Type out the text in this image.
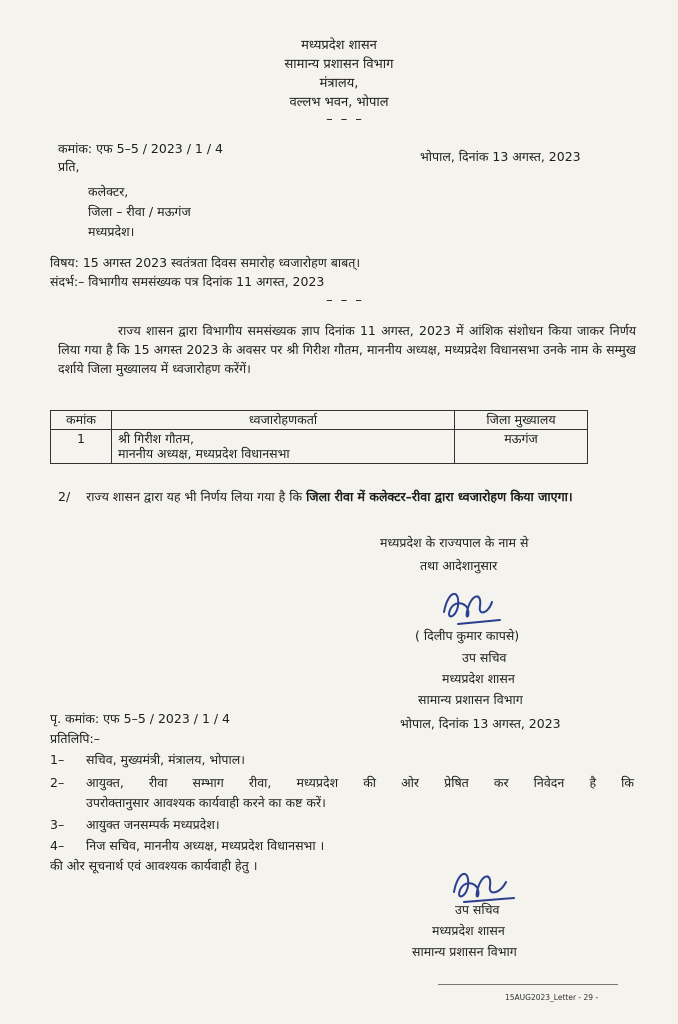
मध्यप्रदेश शासन
सामान्य प्रशासन विभाग
मंत्रालय,
वल्लभ भवन, भोपाल
– – –
कमांक: एफ 5–5 / 2023 / 1 / 4
भोपाल, दिनांक 13 अगस्त, 2023
प्रति,
कलेक्टर,
जिला – रीवा / मऊगंज
मध्यप्रदेश।
विषय: 15 अगस्त 2023 स्वतंत्रता दिवस समारोह ध्वजारोहण बाबत्।
संदर्भ:– विभागीय समसंख्यक पत्र दिनांक 11 अगस्त, 2023
– – –
राज्य शासन द्वारा विभागीय समसंख्यक ज्ञाप दिनांक 11 अगस्त, 2023 में आंशिक संशोधन किया जाकर निर्णय लिया गया है कि 15 अगस्त 2023 के अवसर पर श्री गिरीश गौतम, माननीय अध्यक्ष, मध्यप्रदेश विधानसभा उनके नाम के सम्मुख दर्शाये जिला मुख्यालय में ध्वजारोहण करेंगें।
कमांक	ध्वजारोहणकर्ता	जिला मुख्यालय
1	श्री गिरीश गौतम,
माननीय अध्यक्ष, मध्यप्रदेश विधानसभा	मऊगंज
2/ राज्य शासन द्वारा यह भी निर्णय लिया गया है कि जिला रीवा में कलेक्टर–रीवा द्वारा ध्वजारोहण किया जाएगा।
मध्यप्रदेश के राज्यपाल के नाम से
तथा आदेशानुसार
( दिलीप कुमार कापसे)
उप सचिव
मध्यप्रदेश शासन
सामान्य प्रशासन विभाग
पृ. कमांक: एफ 5–5 / 2023 / 1 / 4	भोपाल, दिनांक 13 अगस्त, 2023
प्रतिलिपि:–
1– सचिव, मुख्यमंत्री, मंत्रालय, भोपाल।
2– आयुक्त, रीवा सम्भाग रीवा, मध्यप्रदेश की ओर प्रेषित कर निवेदन है कि
उपरोक्तानुसार आवश्यक कार्यवाही करने का कष्ट करें।
3– आयुक्त जनसम्पर्क मध्यप्रदेश।
4– निज सचिव, माननीय अध्यक्ष, मध्यप्रदेश विधानसभा ।
की ओर सूचनार्थ एवं आवश्यक कार्यवाही हेतु ।
उप सचिव
मध्यप्रदेश शासन
सामान्य प्रशासन विभाग
15AUG2023_Letter - 29 -
